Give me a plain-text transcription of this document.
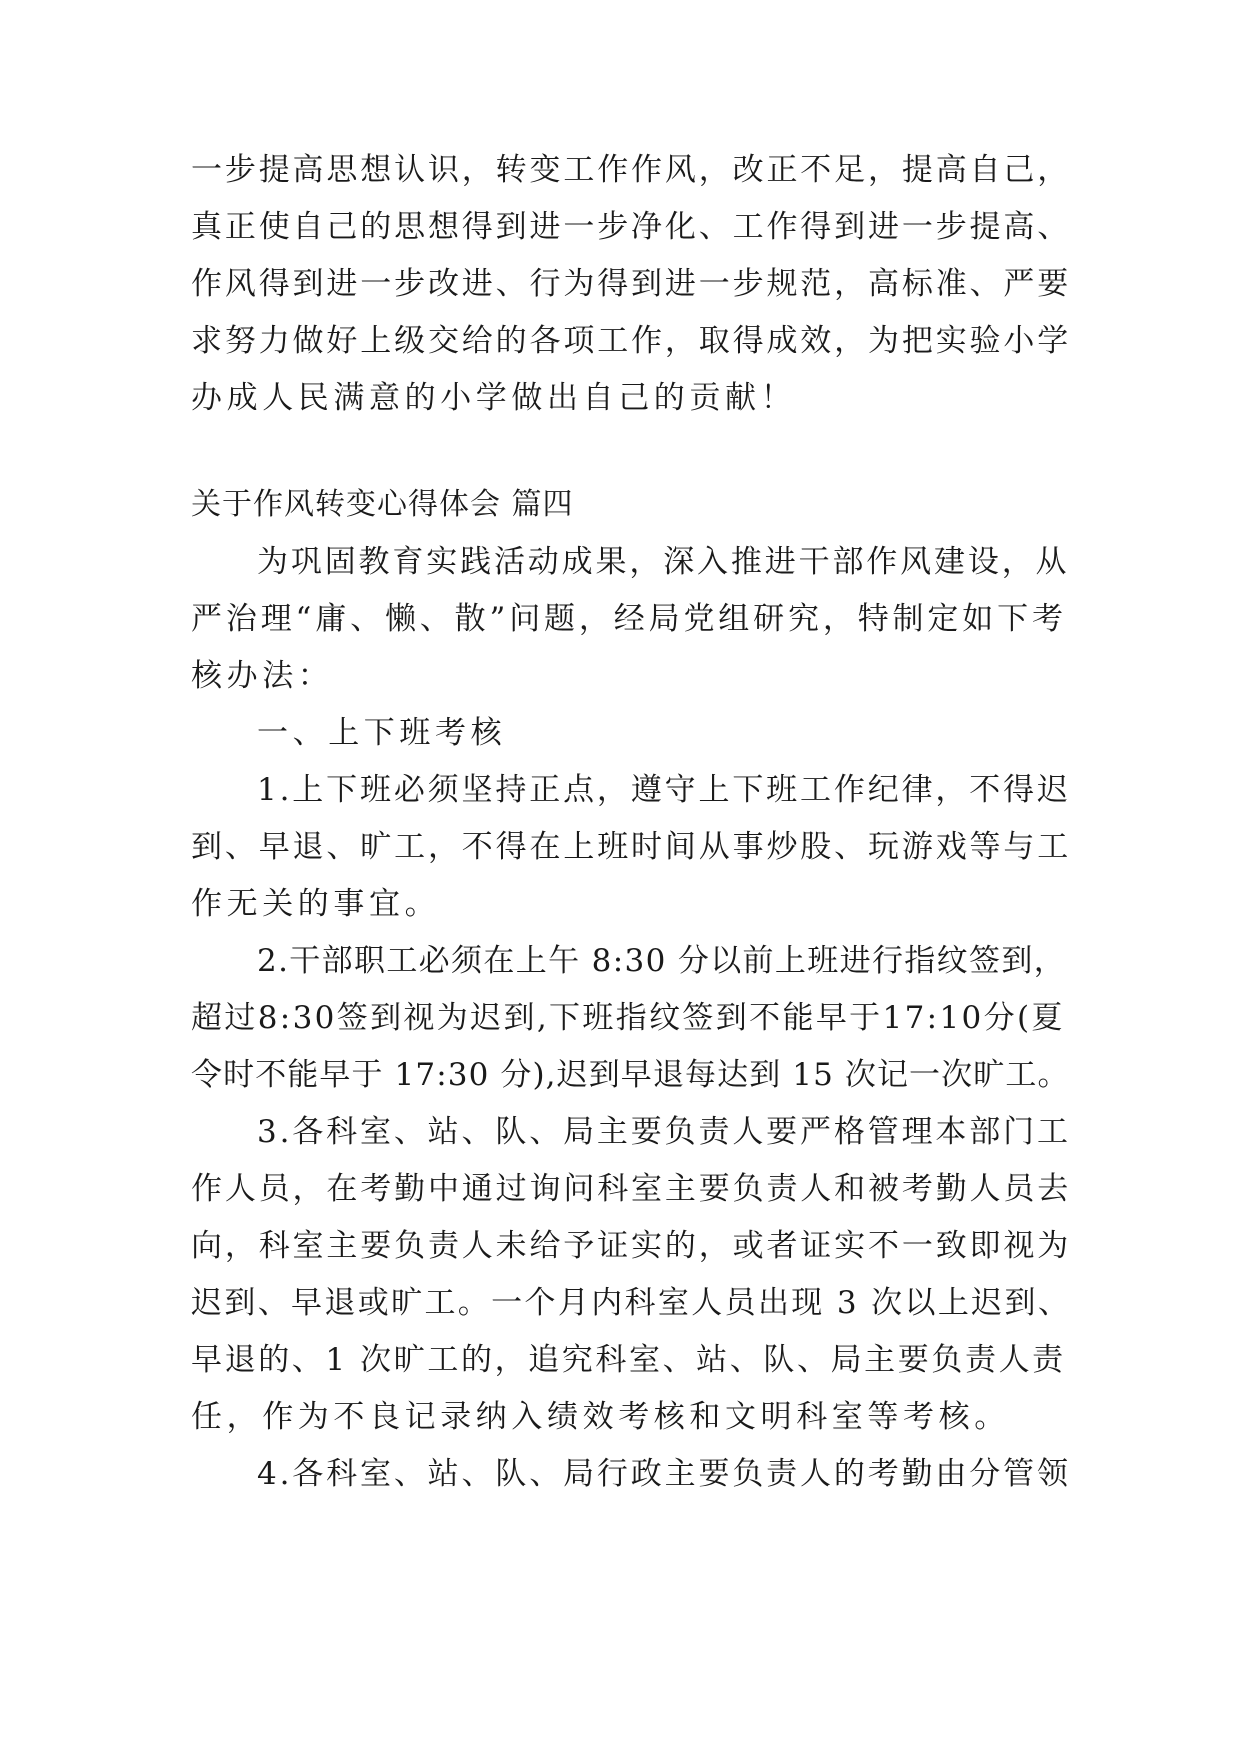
一步提高思想认识，转变工作作风，改正不足，提高自己，
真正使自己的思想得到进一步净化、工作得到进一步提高、
作风得到进一步改进、行为得到进一步规范，高标准、严要
求努力做好上级交给的各项工作，取得成效，为把实验小学
办成人民满意的小学做出自己的贡献！
关于作风转变心得体会 篇四
为巩固教育实践活动成果，深入推进干部作风建设，从
严治理“庸、懒、散”问题，经局党组研究，特制定如下考
核办法：
一、上下班考核
1.上下班必须坚持正点，遵守上下班工作纪律，不得迟
到、早退、旷工，不得在上班时间从事炒股、玩游戏等与工
作无关的事宜。
2.干部职工必须在上午 8:30 分以前上班进行指纹签到，
超过8:30签到视为迟到,下班指纹签到不能早于17:10分(夏
令时不能早于 17:30 分),迟到早退每达到 15 次记一次旷工。
3.各科室、站、队、局主要负责人要严格管理本部门工
作人员，在考勤中通过询问科室主要负责人和被考勤人员去
向，科室主要负责人未给予证实的，或者证实不一致即视为
迟到、早退或旷工。一个月内科室人员出现 3 次以上迟到、
早退的、1 次旷工的，追究科室、站、队、局主要负责人责
任，作为不良记录纳入绩效考核和文明科室等考核。
4.各科室、站、队、局行政主要负责人的考勤由分管领
